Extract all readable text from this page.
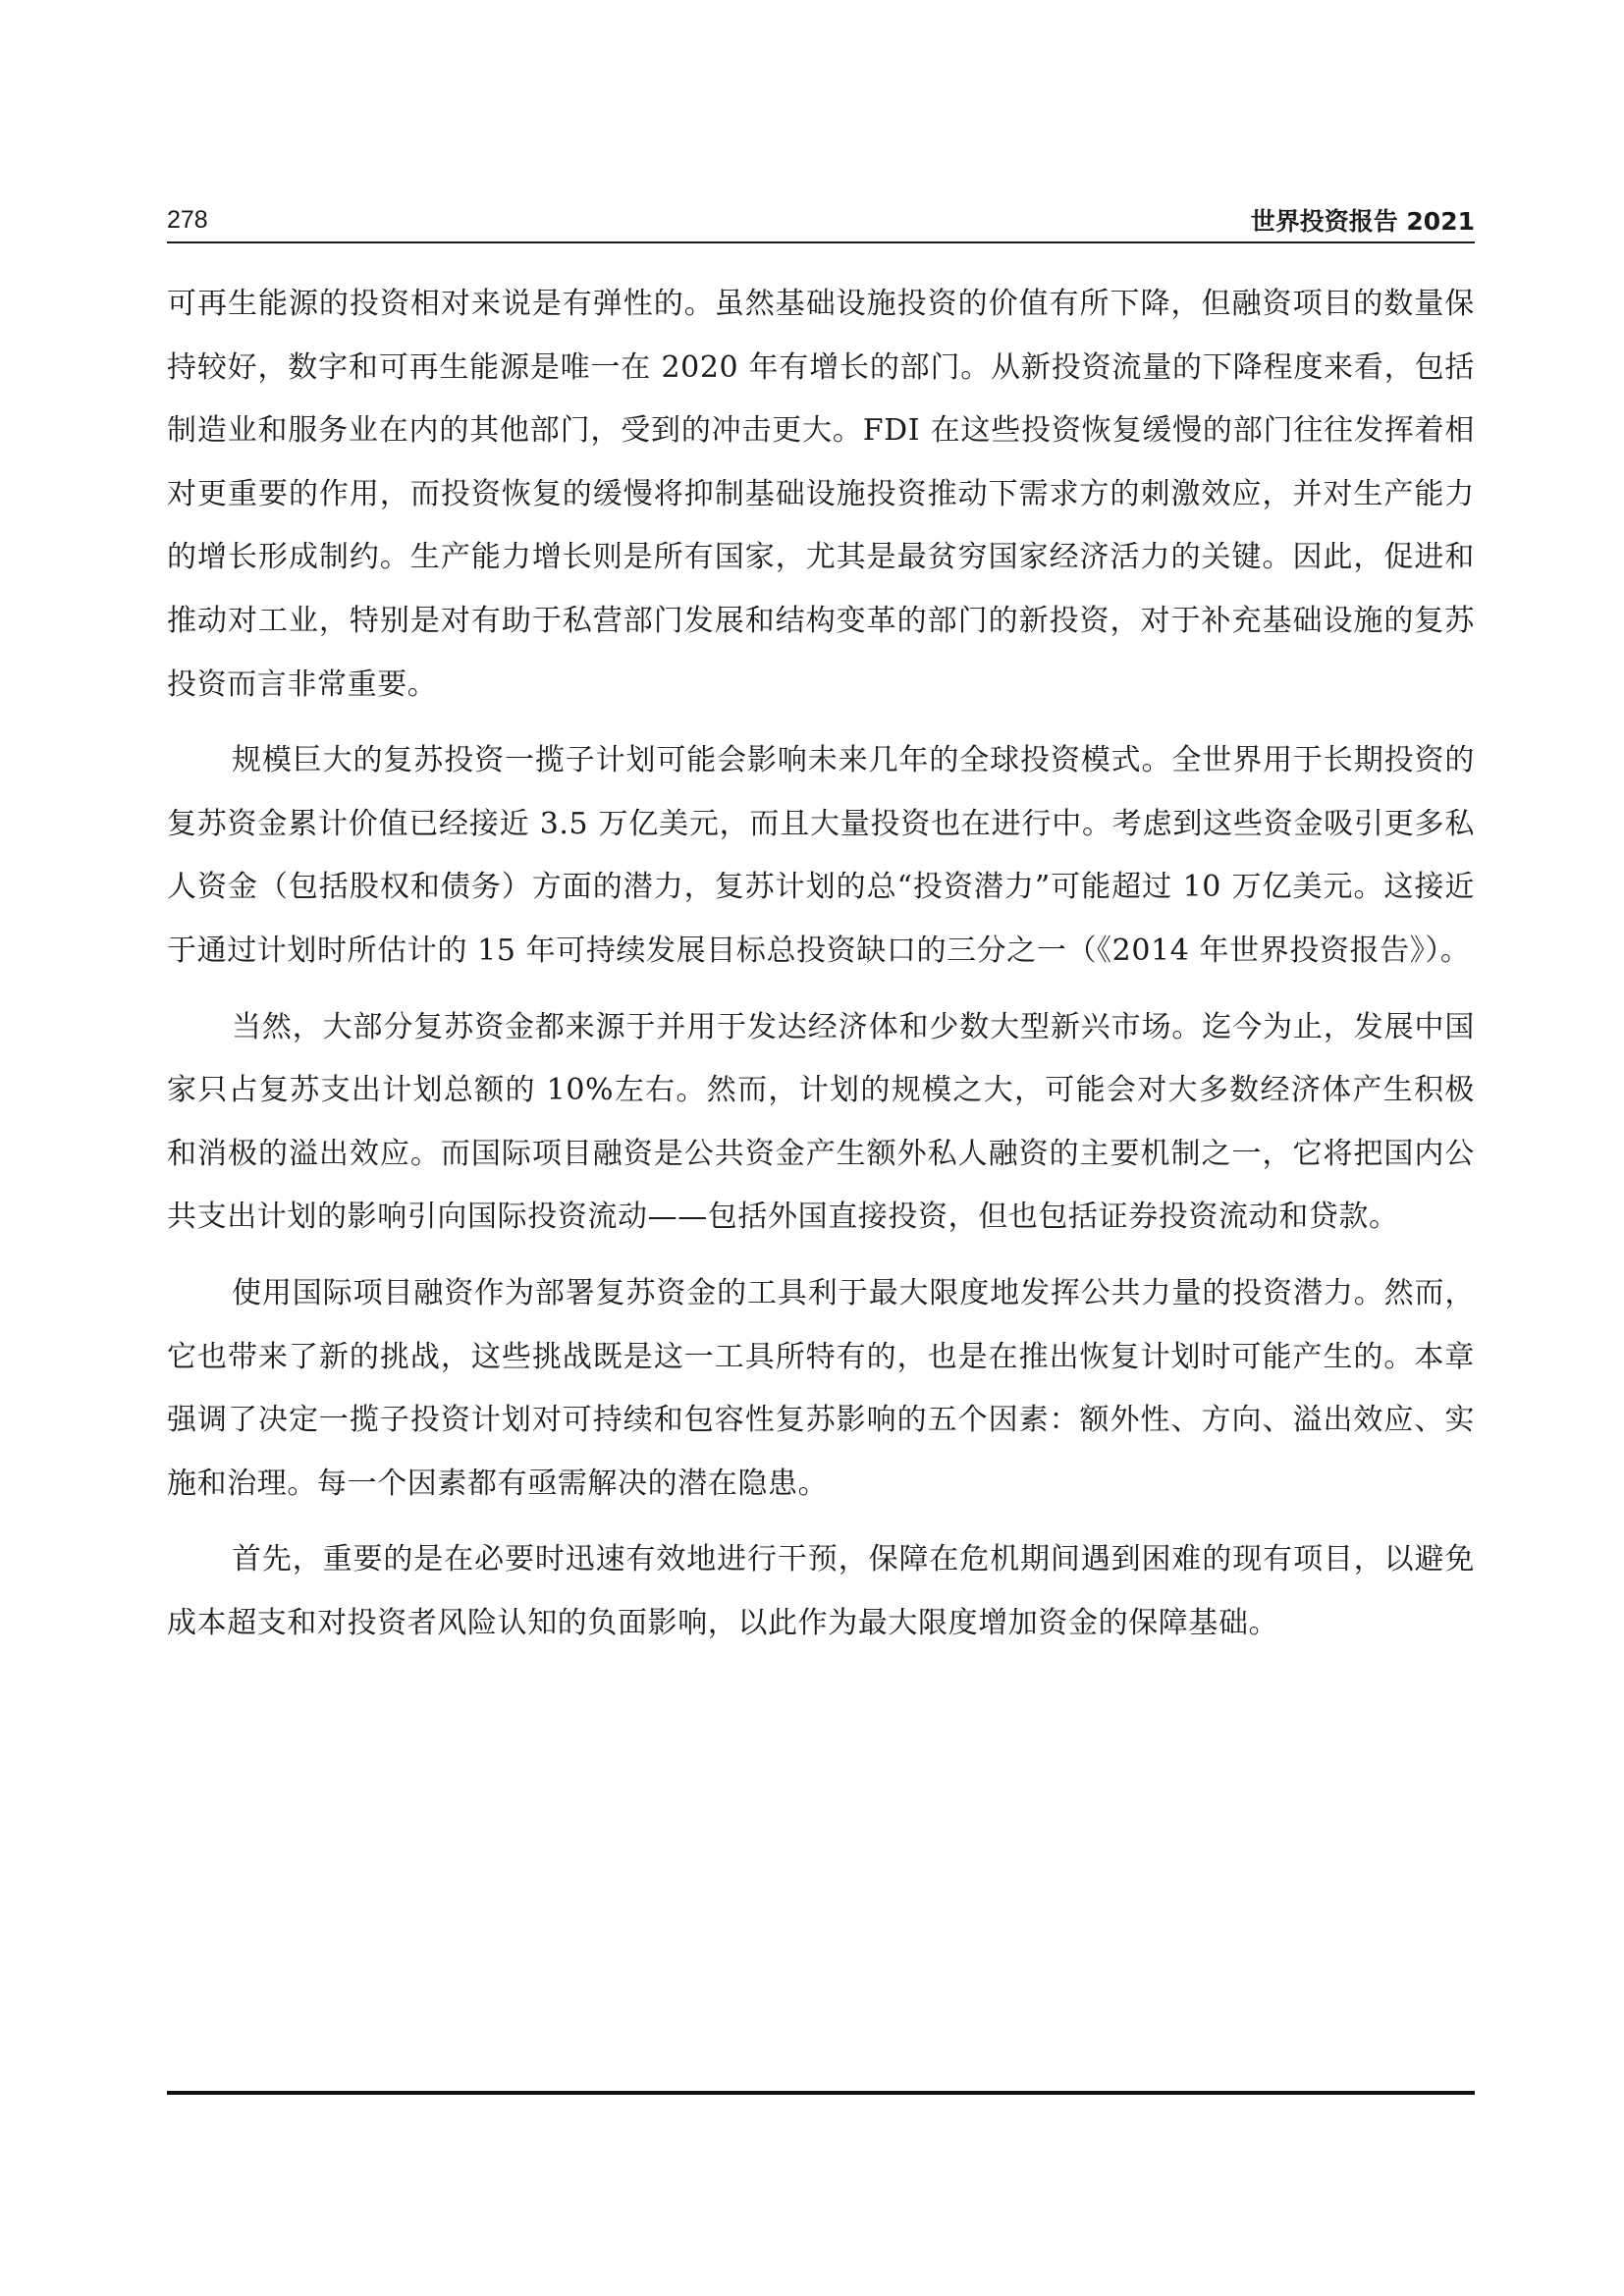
278	世界投资报告 2021

可再生能源的投资相对来说是有弹性的。虽然基础设施投资的价值有所下降，但融资项目的数量保持较好，数字和可再生能源是唯一在 2020 年有增长的部门。从新投资流量的下降程度来看，包括制造业和服务业在内的其他部门，受到的冲击更大。FDI 在这些投资恢复缓慢的部门往往发挥着相对更重要的作用，而投资恢复的缓慢将抑制基础设施投资推动下需求方的刺激效应，并对生产能力的增长形成制约。生产能力增长则是所有国家，尤其是最贫穷国家经济活力的关键。因此，促进和推动对工业，特别是对有助于私营部门发展和结构变革的部门的新投资，对于补充基础设施的复苏投资而言非常重要。

规模巨大的复苏投资一揽子计划可能会影响未来几年的全球投资模式。全世界用于长期投资的复苏资金累计价值已经接近 3.5 万亿美元，而且大量投资也在进行中。考虑到这些资金吸引更多私人资金（包括股权和债务）方面的潜力，复苏计划的总“投资潜力”可能超过 10 万亿美元。这接近于通过计划时所估计的 15 年可持续发展目标总投资缺口的三分之一（《2014 年世界投资报告》）。

当然，大部分复苏资金都来源于并用于发达经济体和少数大型新兴市场。迄今为止，发展中国家只占复苏支出计划总额的 10%左右。然而，计划的规模之大，可能会对大多数经济体产生积极和消极的溢出效应。而国际项目融资是公共资金产生额外私人融资的主要机制之一，它将把国内公共支出计划的影响引向国际投资流动——包括外国直接投资，但也包括证券投资流动和贷款。

使用国际项目融资作为部署复苏资金的工具利于最大限度地发挥公共力量的投资潜力。然而，它也带来了新的挑战，这些挑战既是这一工具所特有的，也是在推出恢复计划时可能产生的。本章强调了决定一揽子投资计划对可持续和包容性复苏影响的五个因素：额外性、方向、溢出效应、实施和治理。每一个因素都有亟需解决的潜在隐患。

首先，重要的是在必要时迅速有效地进行干预，保障在危机期间遇到困难的现有项目，以避免成本超支和对投资者风险认知的负面影响，以此作为最大限度增加资金的保障基础。
